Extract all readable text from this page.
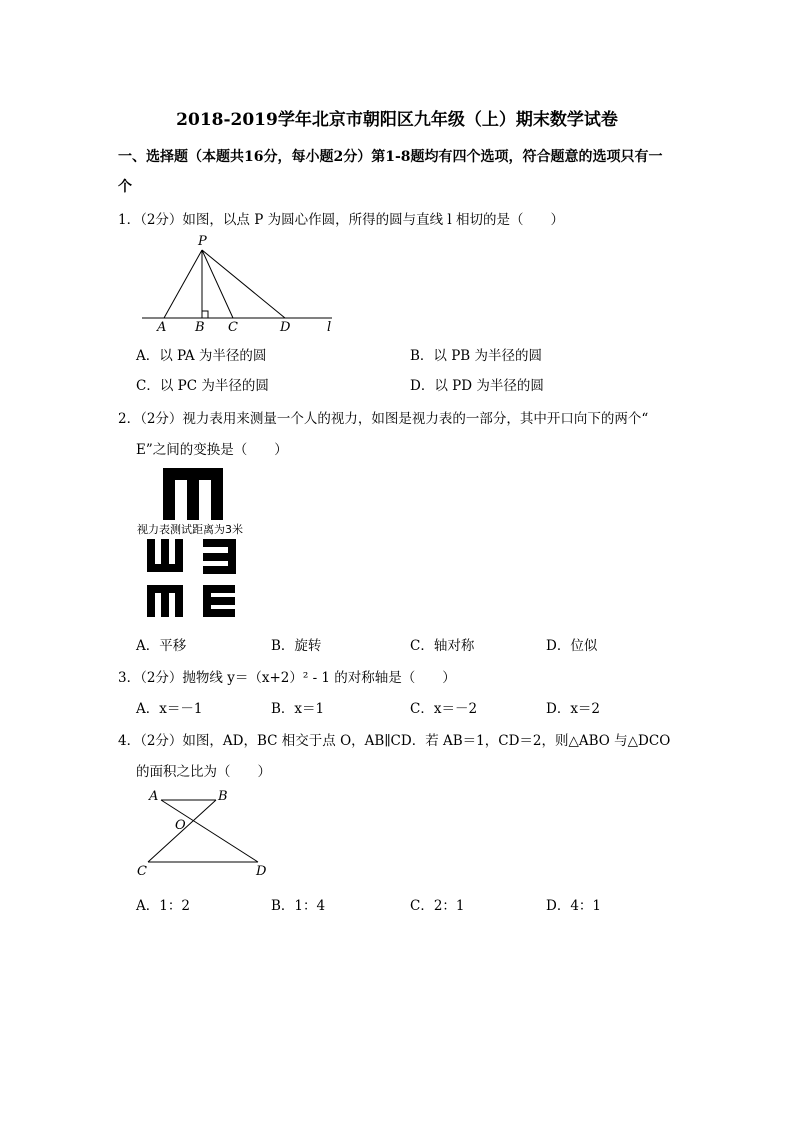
2018-2019学年北京市朝阳区九年级（上）期末数学试卷
一、选择题（本题共16分，每小题2分）第1-8题均有四个选项，符合题意的选项只有一
个
1．（2分）如图，以点 P 为圆心作圆，所得的圆与直线 l 相切的是（　　）
P
A B C	D	l
A．以 PA 为半径的圆	B．以 PB 为半径的圆
C．以 PC 为半径的圆	D．以 PD 为半径的圆
2．（2分）视力表用来测量一个人的视力，如图是视力表的一部分，其中开口向下的两个“
E”之间的变换是（　　）
视力表测试距离为3米
A．平移	B．旋转	C．轴对称	D．位似
3．（2分）抛物线 y＝（x+2）² - 1 的对称轴是（　　）
A．x＝－1	B．x＝1	C．x＝－2	D．x＝2
4．（2分）如图，AD，BC 相交于点 O，AB∥CD．若 AB＝1，CD＝2，则△ABO 与△DCO
的面积之比为（　　）
A	B
O
C	D
A．1：2	B．1：4	C．2：1	D．4：1
